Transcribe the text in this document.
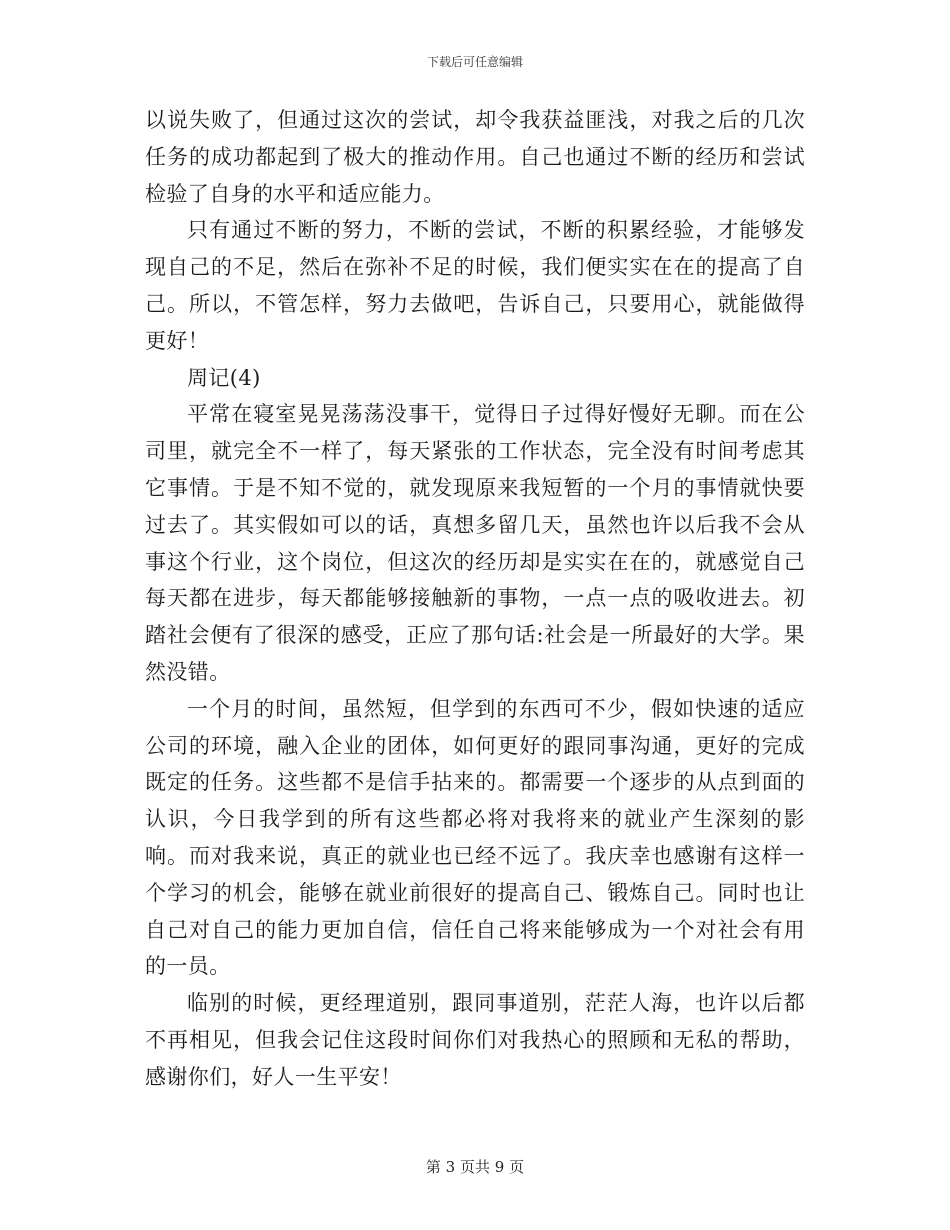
下载后可任意编辑

以说失败了，但通过这次的尝试，却令我获益匪浅，对我之后的几次任务的成功都起到了极大的推动作用。自己也通过不断的经历和尝试检验了自身的水平和适应能力。

只有通过不断的努力，不断的尝试，不断的积累经验，才能够发现自己的不足，然后在弥补不足的时候，我们便实实在在的提高了自己。所以，不管怎样，努力去做吧，告诉自己，只要用心，就能做得更好！

周记(4)

平常在寝室晃晃荡荡没事干，觉得日子过得好慢好无聊。而在公司里，就完全不一样了，每天紧张的工作状态，完全没有时间考虑其它事情。于是不知不觉的，就发现原来我短暂的一个月的事情就快要过去了。其实假如可以的话，真想多留几天，虽然也许以后我不会从事这个行业，这个岗位，但这次的经历却是实实在在的，就感觉自己每天都在进步，每天都能够接触新的事物，一点一点的吸收进去。初踏社会便有了很深的感受，正应了那句话:社会是一所最好的大学。果然没错。

一个月的时间，虽然短，但学到的东西可不少，假如快速的适应公司的环境，融入企业的团体，如何更好的跟同事沟通，更好的完成既定的任务。这些都不是信手拈来的。都需要一个逐步的从点到面的认识，今日我学到的所有这些都必将对我将来的就业产生深刻的影响。而对我来说，真正的就业也已经不远了。我庆幸也感谢有这样一个学习的机会，能够在就业前很好的提高自己、锻炼自己。同时也让自己对自己的能力更加自信，信任自己将来能够成为一个对社会有用的一员。

临别的时候，更经理道别，跟同事道别，茫茫人海，也许以后都不再相见，但我会记住这段时间你们对我热心的照顾和无私的帮助，感谢你们，好人一生平安！

第 3 页共 9 页
